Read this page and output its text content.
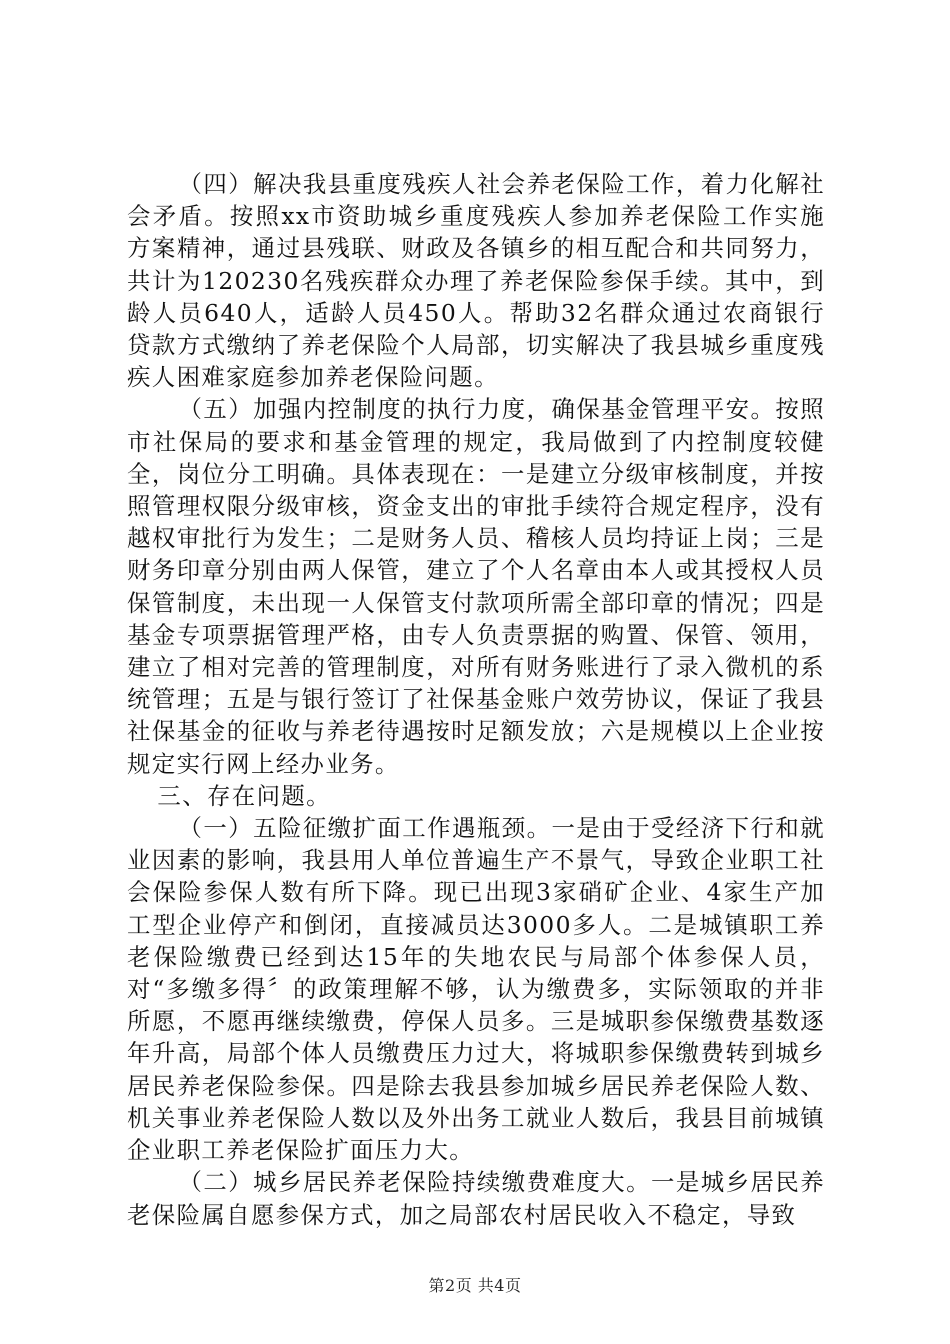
（四）解决我县重度残疾人社会养老保险工作，着力化解社会矛盾。按照xx市资助城乡重度残疾人参加养老保险工作实施方案精神，通过县残联、财政及各镇乡的相互配合和共同努力，共计为120230名残疾群众办理了养老保险参保手续。其中，到龄人员640人，适龄人员450人。帮助32名群众通过农商银行贷款方式缴纳了养老保险个人局部，切实解决了我县城乡重度残疾人困难家庭参加养老保险问题。

（五）加强内控制度的执行力度，确保基金管理平安。按照市社保局的要求和基金管理的规定，我局做到了内控制度较健全，岗位分工明确。具体表现在：一是建立分级审核制度，并按照管理权限分级审核，资金支出的审批手续符合规定程序，没有越权审批行为发生；二是财务人员、稽核人员均持证上岗；三是财务印章分别由两人保管，建立了个人名章由本人或其授权人员保管制度，未出现一人保管支付款项所需全部印章的情况；四是基金专项票据管理严格，由专人负责票据的购置、保管、领用，建立了相对完善的管理制度，对所有财务账进行了录入微机的系统管理；五是与银行签订了社保基金账户效劳协议，保证了我县社保基金的征收与养老待遇按时足额发放；六是规模以上企业按规定实行网上经办业务。

三、存在问题。

（一）五险征缴扩面工作遇瓶颈。一是由于受经济下行和就业因素的影响，我县用人单位普遍生产不景气，导致企业职工社会保险参保人数有所下降。现已出现3家硝矿企业、4家生产加工型企业停产和倒闭，直接减员达3000多人。二是城镇职工养老保险缴费已经到达15年的失地农民与局部个体参保人员，对“多缴多得〞的政策理解不够，认为缴费多，实际领取的并非所愿，不愿再继续缴费，停保人员多。三是城职参保缴费基数逐年升高，局部个体人员缴费压力过大，将城职参保缴费转到城乡居民养老保险参保。四是除去我县参加城乡居民养老保险人数、机关事业养老保险人数以及外出务工就业人数后，我县目前城镇企业职工养老保险扩面压力大。

（二）城乡居民养老保险持续缴费难度大。一是城乡居民养老保险属自愿参保方式，加之局部农村居民收入不稳定，导致

第2页 共4页
